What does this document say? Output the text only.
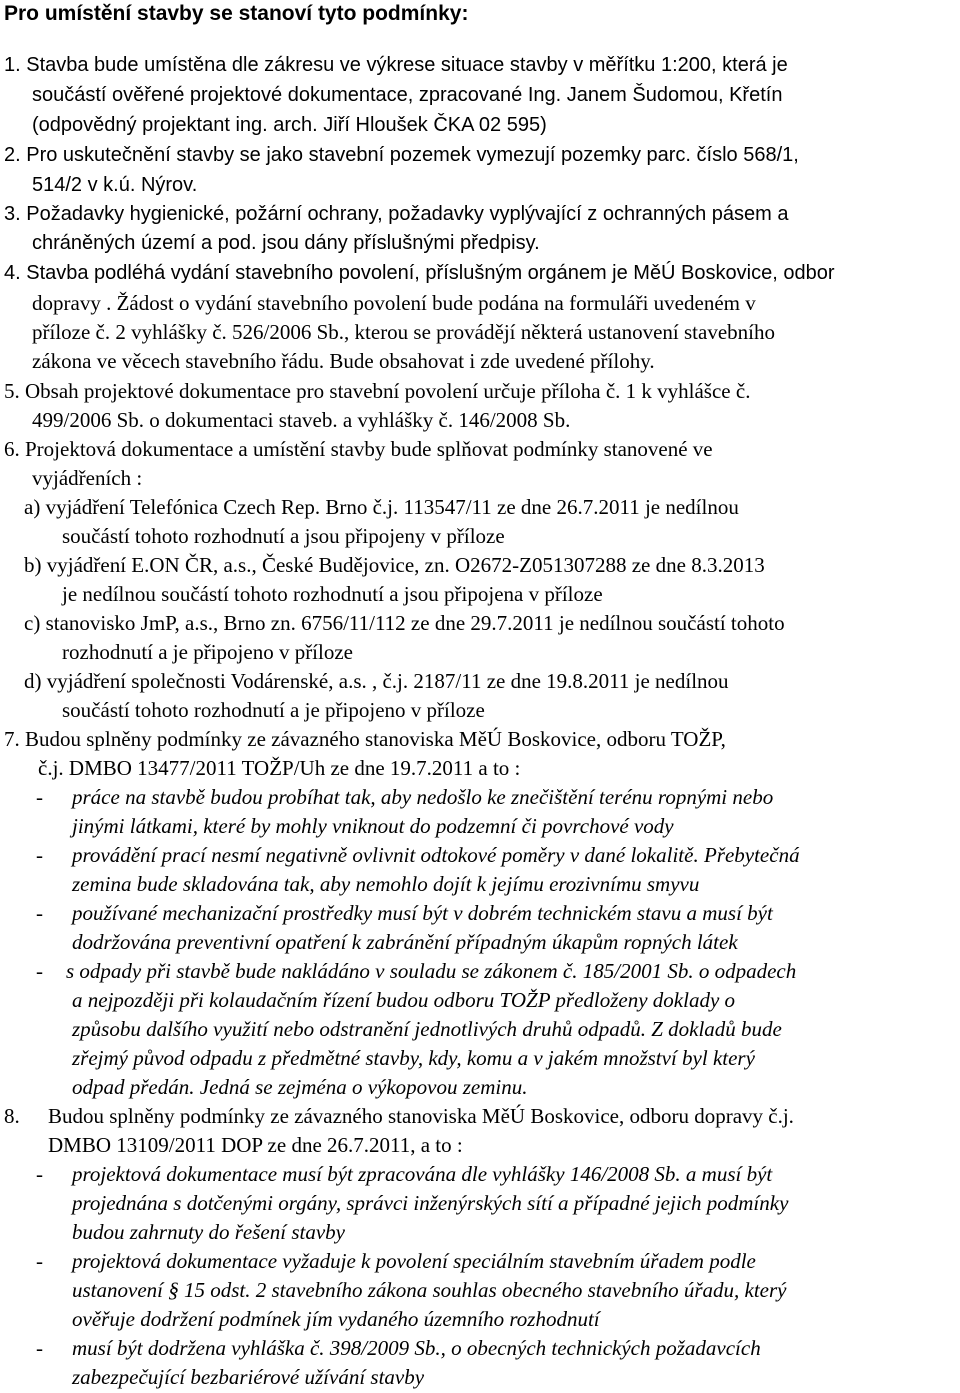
Pro umístění stavby se stanoví tyto podmínky:
1. Stavba bude umístěna dle zákresu ve výkrese situace stavby v měřítku 1:200, která je
součástí ověřené projektové dokumentace, zpracované Ing. Janem Šudomou, Křetín
(odpovědný projektant ing. arch. Jiří Hloušek ČKA 02 595)
2. Pro uskutečnění stavby se jako stavební pozemek vymezují pozemky parc. číslo 568/1,
514/2 v k.ú. Nýrov.
3. Požadavky hygienické, požární ochrany, požadavky vyplývající z ochranných pásem a
chráněných území a pod. jsou dány příslušnými předpisy.
4. Stavba podléhá vydání stavebního povolení, příslušným orgánem je MěÚ Boskovice, odbor
dopravy . Žádost o vydání stavebního povolení bude podána na formuláři uvedeném v
příloze č. 2 vyhlášky č. 526/2006 Sb., kterou se provádějí některá ustanovení stavebního
zákona ve věcech stavebního řádu. Bude obsahovat i zde uvedené přílohy.
5. Obsah projektové dokumentace pro stavební povolení určuje příloha č. 1 k vyhlášce č.
499/2006 Sb. o dokumentaci staveb. a vyhlášky č. 146/2008 Sb.
6. Projektová dokumentace a umístění stavby bude splňovat podmínky stanovené ve
vyjádřeních :
a) vyjádření Telefónica Czech Rep. Brno č.j. 113547/11 ze dne 26.7.2011 je nedílnou
součástí tohoto rozhodnutí a jsou připojeny v příloze
b) vyjádření E.ON ČR, a.s., České Budějovice, zn. O2672-Z051307288 ze dne 8.3.2013
je nedílnou součástí tohoto rozhodnutí a jsou připojena v příloze
c) stanovisko JmP, a.s., Brno zn. 6756/11/112 ze dne 29.7.2011 je nedílnou součástí tohoto
rozhodnutí a je připojeno v příloze
d) vyjádření společnosti Vodárenské, a.s. , č.j. 2187/11 ze dne 19.8.2011 je nedílnou
součástí tohoto rozhodnutí a je připojeno v příloze
7. Budou splněny podmínky ze závazného stanoviska MěÚ Boskovice, odboru TOŽP,
č.j. DMBO 13477/2011 TOŽP/Uh ze dne 19.7.2011 a to :
- práce na stavbě budou probíhat tak, aby nedošlo ke znečištění terénu ropnými nebo
jinými látkami, které by mohly vniknout do podzemní či povrchové vody
- provádění prací nesmí negativně ovlivnit odtokové poměry v dané lokalitě. Přebytečná
zemina bude skladována tak, aby nemohlo dojít k jejímu erozivnímu smyvu
- používané mechanizační prostředky musí být v dobrém technickém stavu a musí být
dodržována preventivní opatření k zabránění případným úkapům ropných látek
- s odpady při stavbě bude nakládáno v souladu se zákonem č. 185/2001 Sb. o odpadech
a nejpozději při kolaudačním řízení budou odboru TOŽP předloženy doklady o
způsobu dalšího využití nebo odstranění jednotlivých druhů odpadů. Z dokladů bude
zřejmý původ odpadu z předmětné stavby, kdy, komu a v jakém množství byl který
odpad předán. Jedná se zejména o výkopovou zeminu.
8. Budou splněny podmínky ze závazného stanoviska MěÚ Boskovice, odboru dopravy č.j.
DMBO 13109/2011 DOP ze dne 26.7.2011, a to :
- projektová dokumentace musí být zpracována dle vyhlášky 146/2008 Sb. a musí být
projednána s dotčenými orgány, správci inženýrských sítí a případné jejich podmínky
budou zahrnuty do řešení stavby
- projektová dokumentace vyžaduje k povolení speciálním stavebním úřadem podle
ustanovení § 15 odst. 2 stavebního zákona souhlas obecného stavebního úřadu, který
ověřuje dodržení podmínek jím vydaného územního rozhodnutí
- musí být dodržena vyhláška č. 398/2009 Sb., o obecných technických požadavcích
zabezpečující bezbariérové užívání stavby
